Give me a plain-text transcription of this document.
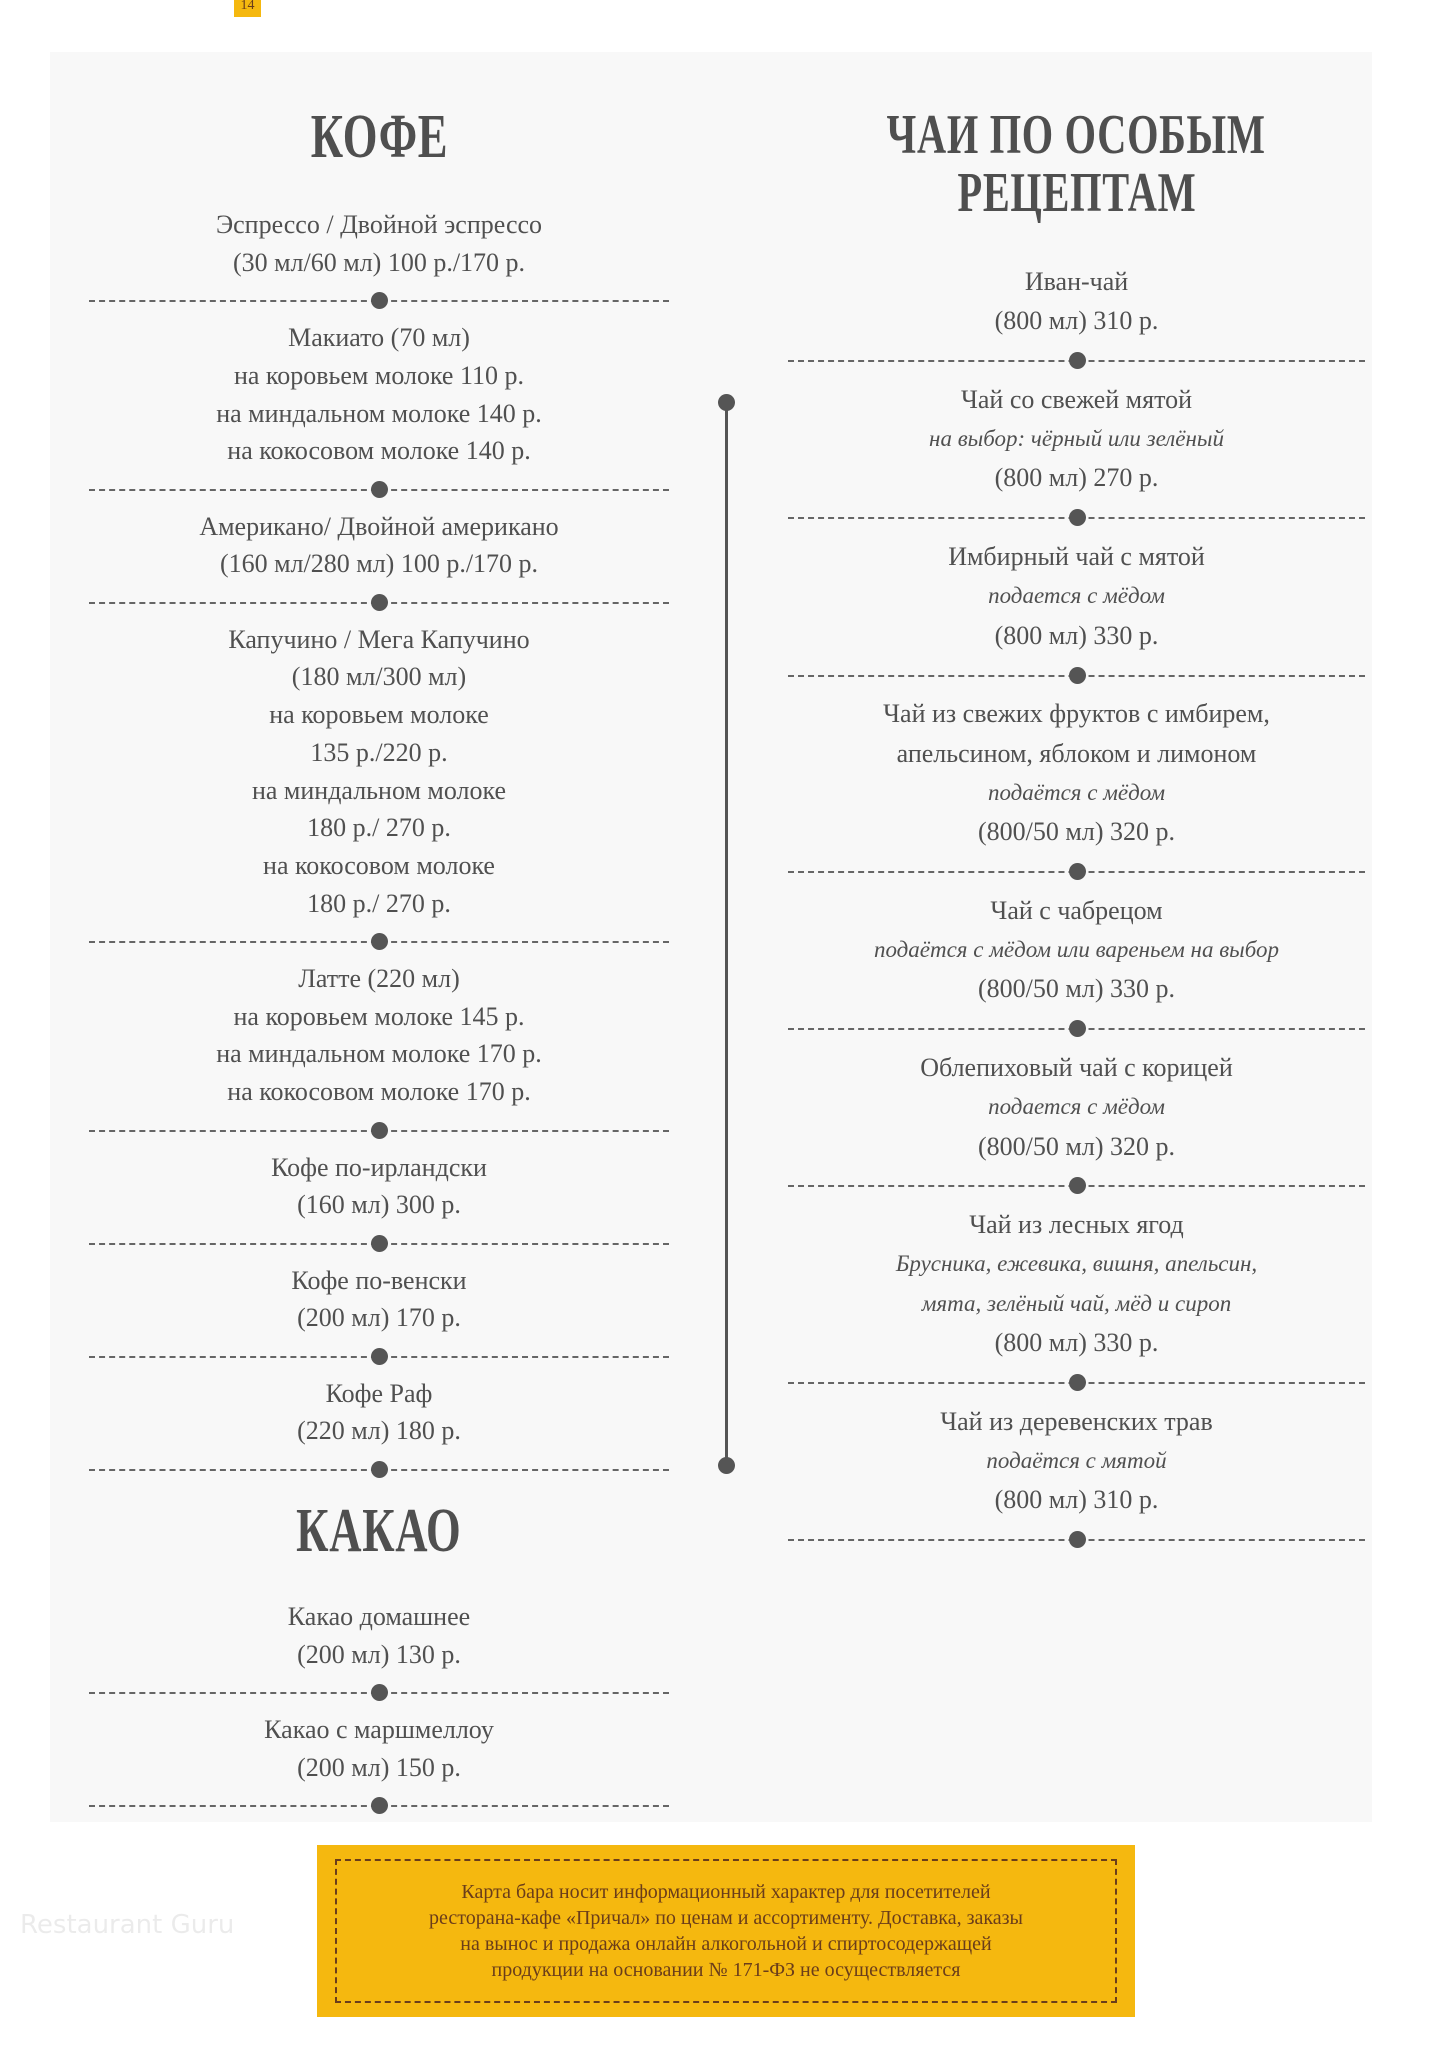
Restaurant Guru
14
КОФЕ
Эспрессо / Двойной эспрессо
(30 мл/60 мл) 100 р./170 р.
Макиато (70 мл)
на коровьем молоке 110 р.
на миндальном молоке 140 р.
на кокосовом молоке 140 р.
Американо/ Двойной американо
(160 мл/280 мл) 100 р./170 р.
Капучино / Мега Капучино
(180 мл/300 мл)
на коровьем молоке
135 р./220 р.
на миндальном молоке
180 р./ 270 р.
на кокосовом молоке
180 р./ 270 р.
Латте (220 мл)
на коровьем молоке 145 р.
на миндальном молоке 170 р.
на кокосовом молоке 170 р.
Кофе по-ирландски
(160 мл) 300 р.
Кофе по-венски
(200 мл) 170 р.
Кофе Раф
(220 мл) 180 р.
КАКАО
Какао домашнее
(200 мл) 130 р.
Какао с маршмеллоу
(200 мл) 150 р.
ЧАИ ПО ОСОБЫМ
РЕЦЕПТАМ
Иван-чай
(800 мл) 310 р.
Чай со свежей мятой
на выбор: чёрный или зелёный
(800 мл) 270 р.
Имбирный чай с мятой
подается с мёдом
(800 мл) 330 р.
Чай из свежих фруктов с имбирем,
апельсином, яблоком и лимоном
подаётся с мёдом
(800/50 мл) 320 р.
Чай с чабрецом
подаётся с мёдом или вареньем на выбор
(800/50 мл) 330 р.
Облепиховый чай с корицей
подается с мёдом
(800/50 мл) 320 р.
Чай из лесных ягод
Брусника, ежевика, вишня, апельсин,
мята, зелёный чай, мёд и сироп
(800 мл) 330 р.
Чай из деревенских трав
подаётся с мятой
(800 мл) 310 р.
Карта бара носит информационный характер для посетителей
ресторана-кафе «Причал» по ценам и ассортименту. Доставка, заказы
на вынос и продажа онлайн алкогольной и спиртосодержащей
продукции на основании № 171-ФЗ не осуществляется
